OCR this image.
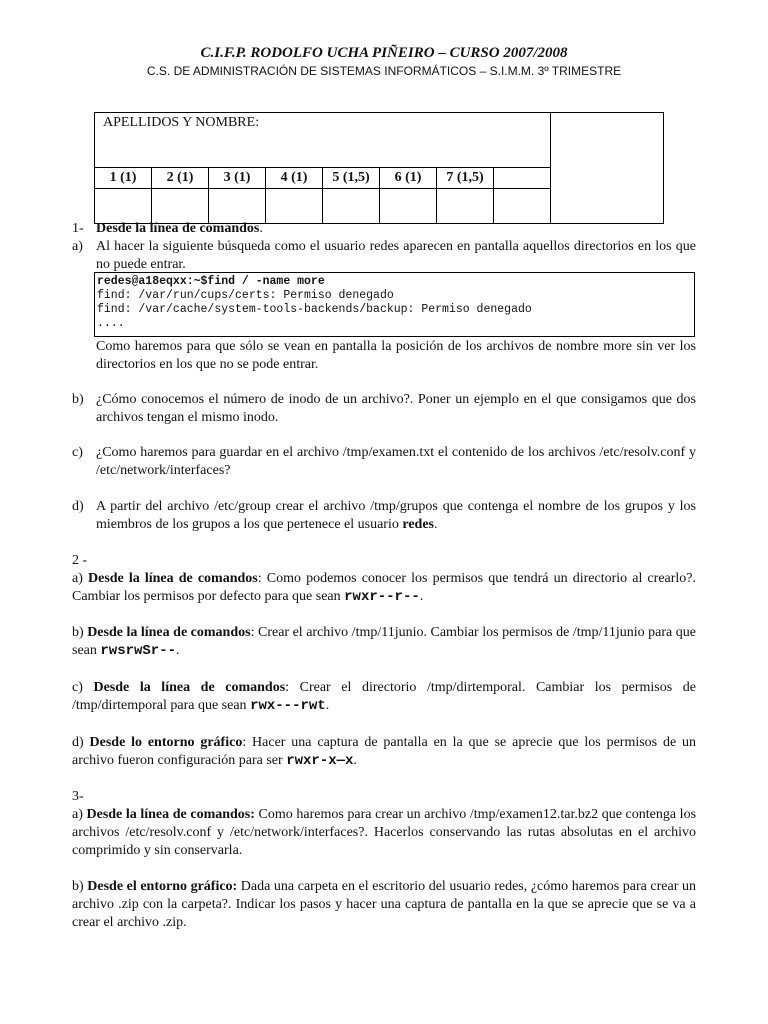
C.I.F.P. RODOLFO UCHA PIÑEIRO – CURSO 2007/2008
C.S. DE ADMINISTRACIÓN DE SISTEMAS INFORMÁTICOS – S.I.M.M. 3º TRIMESTRE
APELLIDOS Y NOMBRE:								
1 (1)	2 (1)	3 (1)	4 (1)	5 (1,5)	6 (1)	7 (1,5)		

1- Desde la línea de comandos.
a) Al hacer la siguiente búsqueda como el usuario redes aparecen en pantalla aquellos directorios en los que no puede entrar.
redes@a18eqxx:~$find / -name more
find: /var/run/cups/certs: Permiso denegado
find: /var/cache/system-tools-backends/backup: Permiso denegado
....
Como haremos para que sólo se vean en pantalla la posición de los archivos de nombre more sin ver los directorios en los que no se pode entrar.
b) ¿Cómo conocemos el número de inodo de un archivo?. Poner un ejemplo en el que consigamos que dos archivos tengan el mismo inodo.
c) ¿Como haremos para guardar en el archivo /tmp/examen.txt el contenido de los archivos /etc/resolv.conf y /etc/network/interfaces?
d) A partir del archivo /etc/group crear el archivo /tmp/grupos que contenga el nombre de los grupos y los miembros de los grupos a los que pertenece el usuario redes.
2 -
a) Desde la línea de comandos: Como podemos conocer los permisos que tendrá un directorio al crearlo?. Cambiar los permisos por defecto para que sean rwxr--r--.
b) Desde la línea de comandos: Crear el archivo /tmp/11junio. Cambiar los permisos de /tmp/11junio para que sean rwsrwSr--.
c) Desde la línea de comandos: Crear el directorio /tmp/dirtemporal. Cambiar los permisos de /tmp/dirtemporal para que sean rwx---rwt.
d) Desde lo entorno gráfico: Hacer una captura de pantalla en la que se aprecie que los permisos de un archivo fueron configuración para ser rwxr-x—x.
3-
a) Desde la línea de comandos: Como haremos para crear un archivo /tmp/examen12.tar.bz2 que contenga los archivos /etc/resolv.conf y /etc/network/interfaces?. Hacerlos conservando las rutas absolutas en el archivo comprimido y sin conservarla.
b) Desde el entorno gráfico: Dada una carpeta en el escritorio del usuario redes, ¿cómo haremos para crear un archivo .zip con la carpeta?. Indicar los pasos y hacer una captura de pantalla en la que se aprecie que se va a crear el archivo .zip.
